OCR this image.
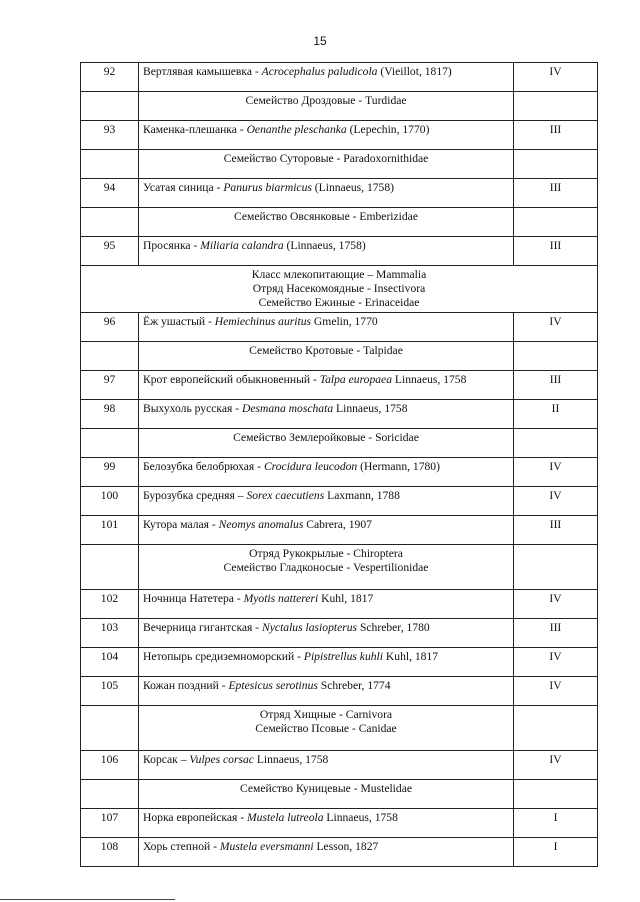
15
92	Вертлявая камышевка - Acrocephalus paludicola (Vieillot, 1817)	IV

	Семейство Дроздовые - Turdidae	

93	Каменка-плешанка - Oenanthe pleschanka (Lepechin, 1770)	III

	Семейство Суторовые - Paradoxornithidae	

94	Усатая синица - Panurus biarmicus (Linnaeus, 1758)	III

	Семейство Овсянковые - Emberizidae	

95	Просянка - Miliaria calandra (Linnaeus, 1758)	III

Класс млекопитающие – Mammalia
Отряд Насекомоядные - Insectivora
Семейство Ежиные - Erinaceidae		

96	Ёж ушастый - Hemiechinus auritus Gmelin, 1770	IV

	Семейство Кротовые - Talpidae	

97	Крот европейский обыкновенный - Talpa europaea Linnaeus, 1758	III
98	Выхухоль русская - Desmana moschata Linnaeus, 1758	II

	Семейство Землеройковые - Soricidae	

99	Белозубка белобрюхая - Crocidura leucodon (Hermann, 1780)	IV
100	Бурозубка средняя – Sorex caecutiens Laxmann, 1788	IV
101	Кутора малая - Neomys anomalus Cabrera, 1907	III

	Отряд Рукокрылые - Chiroptera
Семейство Гладконосые - Vespertilionidae	

102	Ночница Натетера - Myotis nattereri Kuhl, 1817	IV
103	Вечерница гигантская - Nyctalus lasiopterus Schreber, 1780	III
104	Нетопырь средиземноморский - Pipistrellus kuhli Kuhl, 1817	IV
105	Кожан поздний - Eptesicus serotinus Schreber, 1774	IV

	Отряд Хищные - Carnivora
Семейство Псовые - Canidae	

106	Корсак – Vulpes corsac Linnaeus, 1758	IV

	Семейство Куницевые - Mustelidae	

107	Норка европейская - Mustela lutreola Linnaeus, 1758	I
108	Хорь степной - Mustela eversmanni Lesson, 1827	I
